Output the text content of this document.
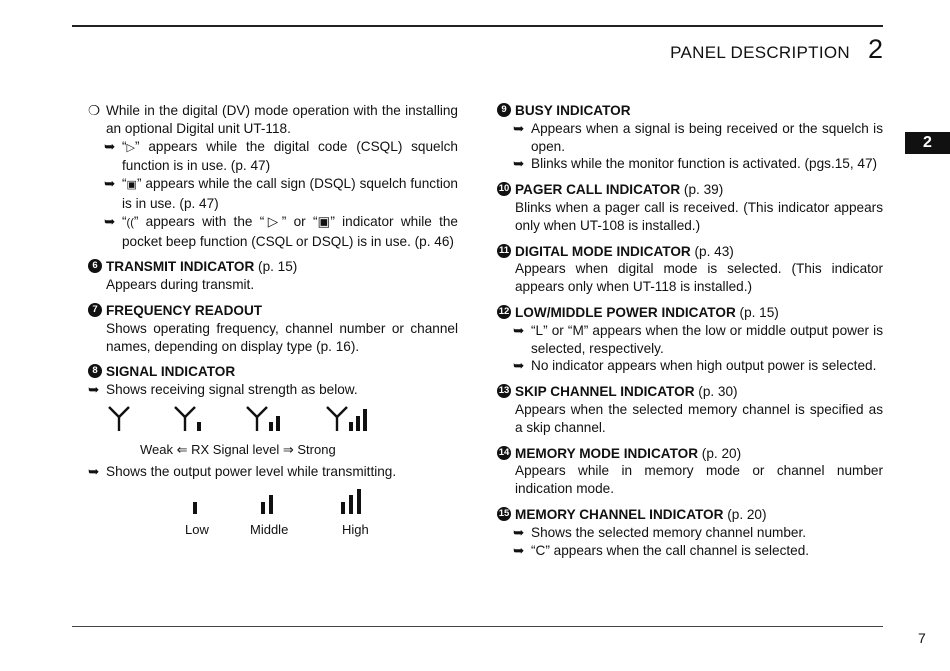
PANEL DESCRIPTION 2
2

❍ While in the digital (DV) mode operation with the installing an optional Digital unit UT-118.

➥ “▷” appears while the digital code (CSQL) squelch function is in use. (p. 47)

➥ “▣” appears while the call sign (DSQL) squelch function is in use. (p. 47)

➥ “((” appears with the “▷” or “▣” indicator while the pocket beep function (CSQL or DSQL) is in use. (p. 46)

6 TRANSMIT INDICATOR (p. 15)

Appears during transmit.

7 FREQUENCY READOUT

Shows operating frequency, channel number or channel names, depending on display type (p. 16).

8 SIGNAL INDICATOR

➥ Shows receiving signal strength as below.

Weak ⇐ RX Signal level ⇒ Strong

➥ Shows the output power level while transmitting.

Low	Middle	High

9 BUSY INDICATOR

➥ Appears when a signal is being received or the squelch is open.

➥ Blinks while the monitor function is activated. (pgs.15, 47)

10 PAGER CALL INDICATOR (p. 39)

Blinks when a pager call is received. (This indicator appears only when UT-108 is installed.)

11 DIGITAL MODE INDICATOR (p. 43)

Appears when digital mode is selected. (This indicator appears only when UT-118 is installed.)

12 LOW/MIDDLE POWER INDICATOR (p. 15)

➥ “L” or “M” appears when the low or middle output power is selected, respectively.

➥ No indicator appears when high output power is selected.

13 SKIP CHANNEL INDICATOR (p. 30)

Appears when the selected memory channel is specified as a skip channel.

14 MEMORY MODE INDICATOR (p. 20)

Appears while in memory mode or channel number indication mode.

15 MEMORY CHANNEL INDICATOR (p. 20)

➥ Shows the selected memory channel number.

➥ “C” appears when the call channel is selected.

7
